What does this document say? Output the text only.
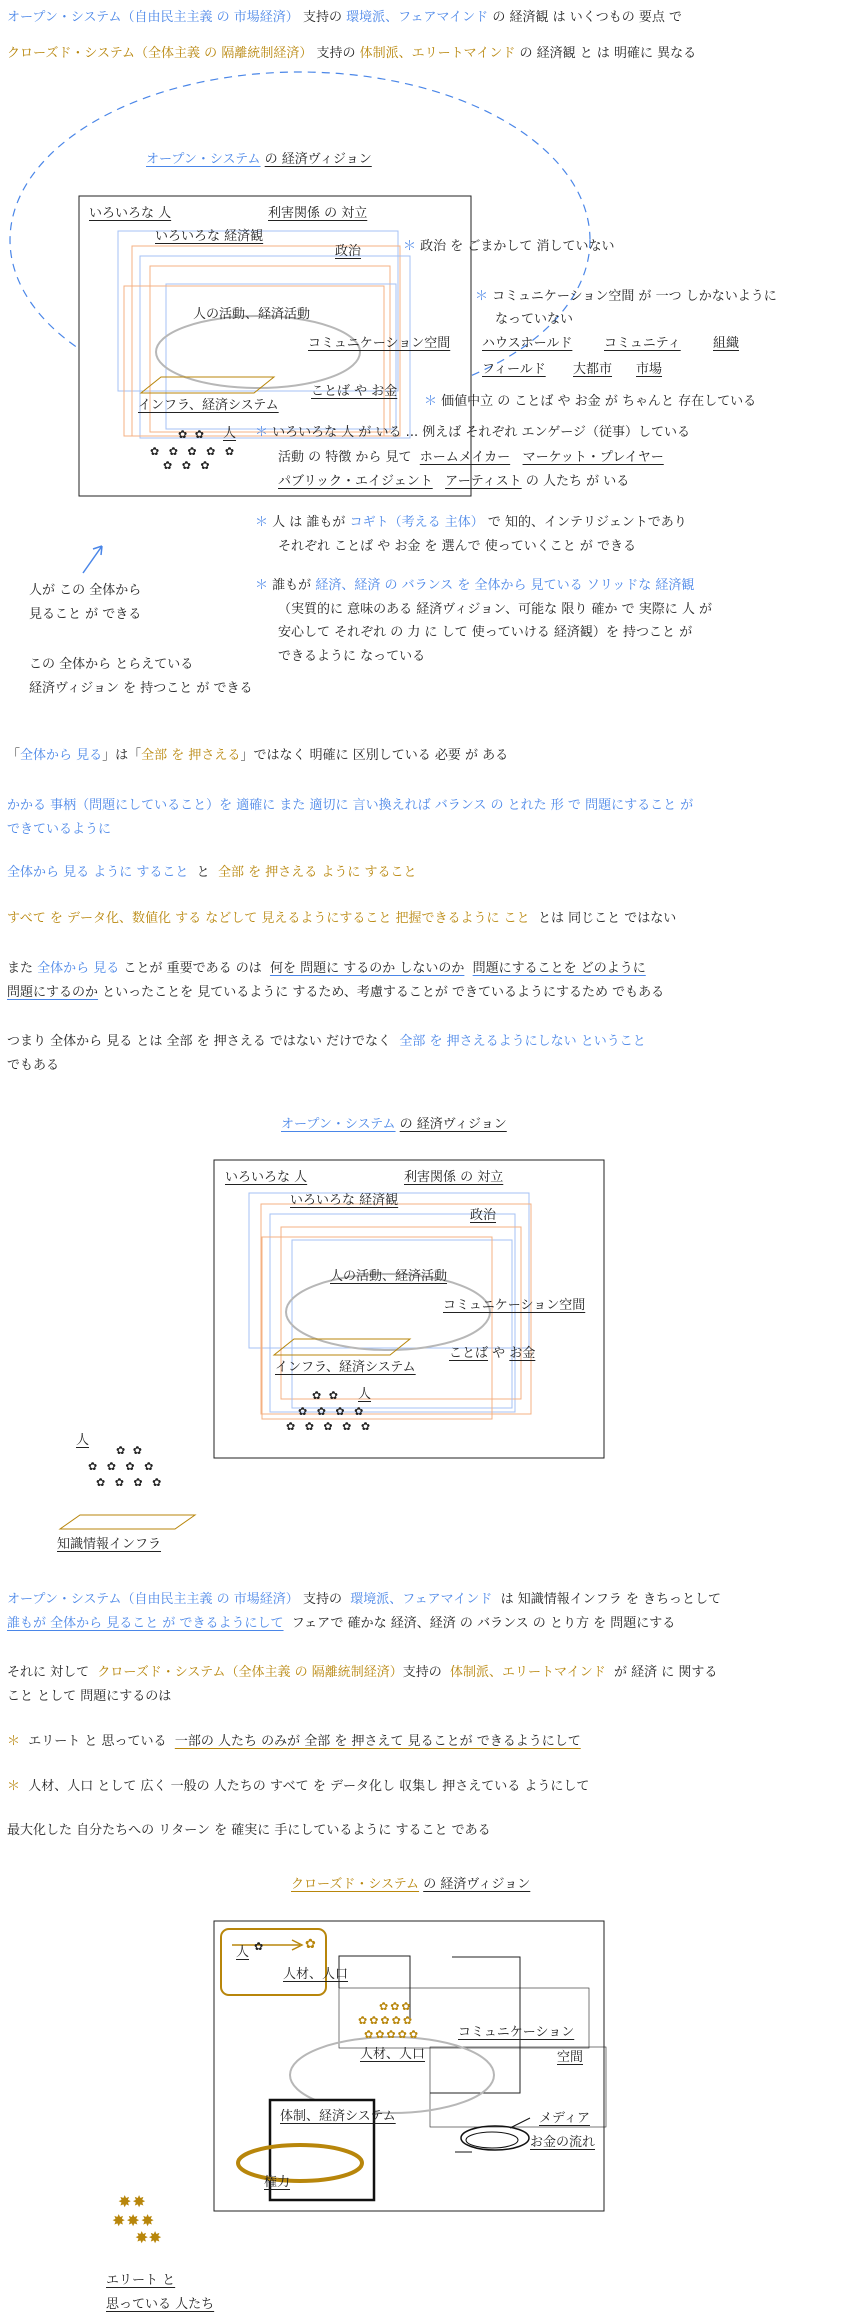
オープン・システム（自由民主主義 の 市場経済） 支持の 環境派、フェアマインド の 経済観 は いくつもの 要点 で
クローズド・システム（全体主義 の 隔離統制経済） 支持の 体制派、エリートマインド の 経済観 と は 明確に 異なる
オープン・システム の 経済ヴィジョン
いろいろな 人	利害関係 の 対立
いろいろな 経済観
政治
人の活動、経済活動
コミュニケーション空間 ハウスホールド コミュニティ 組織
フィールド 大都市 市場
ことば や お金
インフラ、経済システム
人
✿ ✿
✿ ✿ ✿ ✿ ✿
✿ ✿ ✿
＊ 政治 を ごまかして 消していない
＊ コミュニケーション空間 が 一つ しかないように
なっていない
＊ 価値中立 の ことば や お金 が ちゃんと 存在している
＊ いろいろな 人 が いる ... 例えば それぞれ エンゲージ（従事）している
活動 の 特徴 から 見て ホームメイカー マーケット・プレイヤー
パブリック・エイジェント アーティスト の 人たち が いる
＊ 人 は 誰もが コギト（考える 主体） で 知的、インテリジェントであり
それぞれ ことば や お金 を 選んで 使っていくこと が できる
＊ 誰もが 経済、経済 の バランス を 全体から 見ている ソリッドな 経済観
（実質的に 意味のある 経済ヴィジョン、可能な 限り 確か で 実際に 人 が
安心して それぞれ の 力 に して 使っていける 経済観）を 持つこと が
できるように なっている
人が この 全体から
見ること が できる
この 全体から とらえている
経済ヴィジョン を 持つこと が できる
「全体から 見る」は「全部 を 押さえる」ではなく 明確に 区別している 必要 が ある
かかる 事柄（問題にしていること）を 適確に また 適切に 言い換えれば バランス の とれた 形 で 問題にすること が
できているように
全体から 見る ように すること と 全部 を 押さえる ように すること
すべて を データ化、数値化 する などして 見えるようにすること 把握できるように こと とは 同じこと ではない
また 全体から 見る ことが 重要である のは 何を 問題に するのか しないのか 問題にすることを どのように
問題にするのか といったことを 見ているように するため、考慮することが できているようにするため でもある
つまり 全体から 見る とは 全部 を 押さえる ではない だけでなく 全部 を 押さえるようにしない ということ
でもある
オープン・システム の 経済ヴィジョン
いろいろな 人	利害関係 の 対立
いろいろな 経済観
政治
人の活動、経済活動
コミュニケーション空間
ことば や お金
インフラ、経済システム
人
✿ ✿
✿ ✿ ✿ ✿
✿ ✿ ✿ ✿ ✿
人
✿ ✿
✿ ✿ ✿ ✿
✿ ✿ ✿ ✿
知識情報インフラ
オープン・システム（自由民主主義 の 市場経済） 支持の 環境派、フェアマインド は 知識情報インフラ を きちっとして
誰もが 全体から 見ること が できるようにして フェアで 確かな 経済、経済 の バランス の とり方 を 問題にする
それに 対して クローズド・システム（全体主義 の 隔離統制経済）支持の 体制派、エリートマインド が 経済 に 関する
こと として 問題にするのは
＊ エリート と 思っている 一部の 人たち のみが 全部 を 押さえて 見ることが できるようにして
＊ 人材、人口 として 広く 一般の 人たちの すべて を データ化し 収集し 押さえている ようにして
最大化した 自分たちへの リターン を 確実に 手にしているように すること である
クローズド・システム の 経済ヴィジョン
人 ✿	✿
人材、人口
✿✿✿
✿✿✿✿✿
✿✿✿✿✿
人材、人口
コミュニケーション
空間
体制、経済システム	メディア
お金の流れ
権力
✸✸
✸✸✸
✸✸
エリート と
思っている 人たち
